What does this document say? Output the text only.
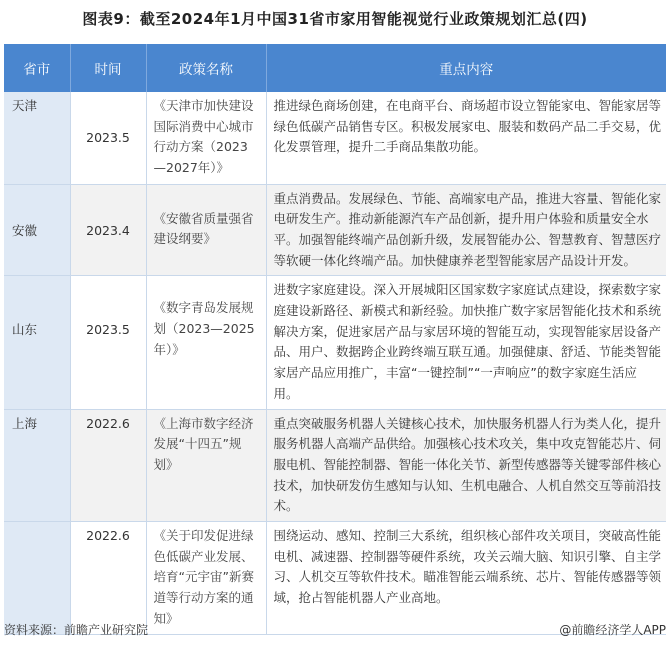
图表9：截至2024年1月中国31省市家用智能视觉行业政策规划汇总(四)
省市	时间	政策名称	重点内容
天津	2023.5	《天津市加快建设国际消费中心城市行动方案（2023—2027年）》	推进绿色商场创建，在电商平台、商场超市设立智能家电、智能家居等绿色低碳产品销售专区。积极发展家电、服装和数码产品二手交易，优化发票管理，提升二手商品集散功能。
安徽	2023.4	《安徽省质量强省建设纲要》	重点消费品。发展绿色、节能、高端家电产品，推进大容量、智能化家电研发生产。推动新能源汽车产品创新，提升用户体验和质量安全水平。加强智能终端产品创新升级，发展智能办公、智慧教育、智慧医疗等软硬一体化终端产品。加快健康养老型智能家居产品设计开发。
山东	2023.5	《数字青岛发展规划（2023—2025年）》	进数字家庭建设。深入开展城阳区国家数字家庭试点建设，探索数字家庭建设新路径、新模式和新经验。加快推广数字家居智能化技术和系统解决方案，促进家居产品与家居环境的智能互动，实现智能家居设备产品、用户、数据跨企业跨终端互联互通。加强健康、舒适、节能类智能家居产品应用推广，丰富“一键控制”“一声响应”的数字家庭生活应用。
上海	2022.6	《上海市数字经济发展“十四五”规划》	重点突破服务机器人关键核心技术，加快服务机器人行为类人化，提升服务机器人高端产品供给。加强核心技术攻关，集中攻克智能芯片、伺服电机、智能控制器、智能一体化关节、新型传感器等关键零部件核心技术，加快研发仿生感知与认知、生机电融合、人机自然交互等前沿技术。
	2022.6	《关于印发促进绿色低碳产业发展、培育“元宇宙”新赛道等行动方案的通知》	围绕运动、感知、控制三大系统，组织核心部件攻关项目，突破高性能电机、减速器、控制器等硬件系统，攻关云端大脑、知识引擎、自主学习、人机交互等软件技术。瞄准智能云端系统、芯片、智能传感器等领域，抢占智能机器人产业高地。
资料来源：前瞻产业研究院	@前瞻经济学人APP
